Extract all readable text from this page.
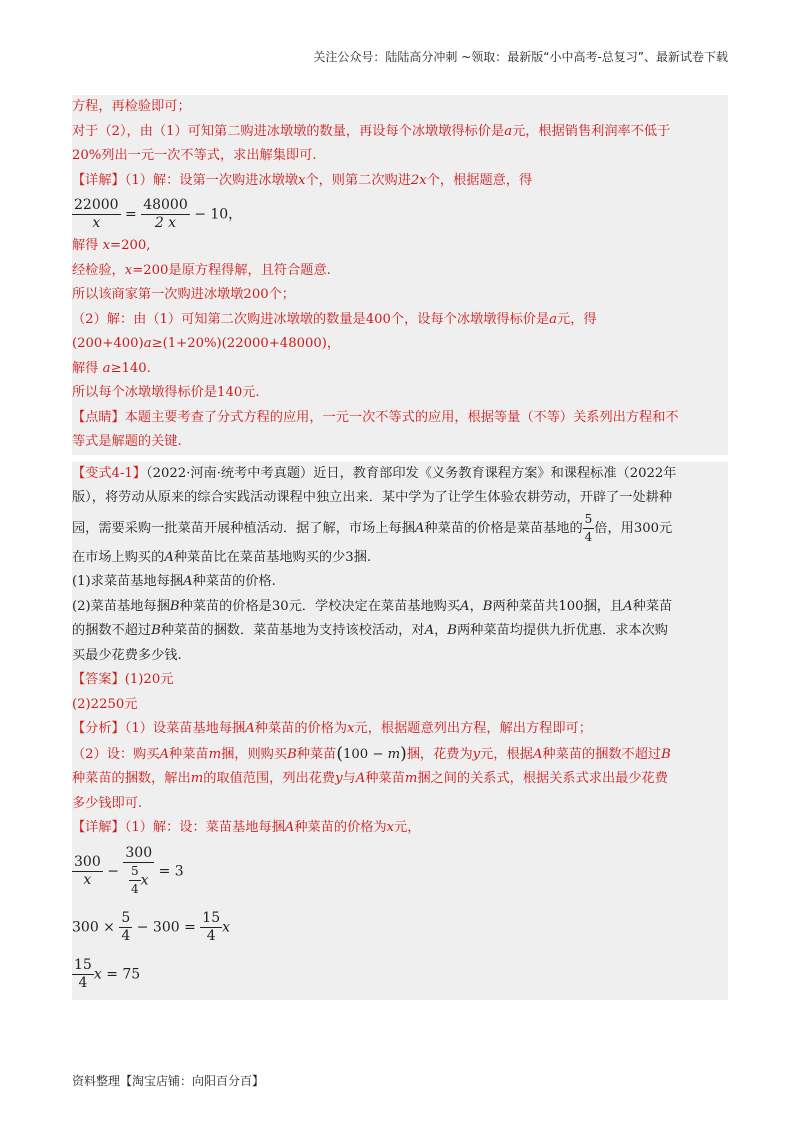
关注公众号：陆陆高分冲刺 ~领取：最新版“小中高考-总复习”、最新试卷下载
方程，再检验即可；
对于（2），由（1）可知第二购进冰墩墩的数量，再设每个冰墩墩得标价是a元，根据销售利润率不低于
20%列出一元一次不等式，求出解集即可.
【详解】（1）解：设第一次购进冰墩墩x个，则第二次购进2x个，根据题意，得
$\frac{22000}{x} = \frac{48000}{2 x} - 10$，
解得 x=200,
经检验，x=200是原方程得解，且符合题意.
所以该商家第一次购进冰墩墩200个；
（2）解：由（1）可知第二次购进冰墩墩的数量是400个，设每个冰墩墩得标价是a元，得
(200+400)a≥(1+20%)(22000+48000)，
解得 a≥140.
所以每个冰墩墩得标价是140元.
【点睛】本题主要考查了分式方程的应用，一元一次不等式的应用，根据等量（不等）关系列出方程和不
等式是解题的关键.
【变式4-1】（2022·河南·统考中考真题）近日，教育部印发《义务教育课程方案》和课程标准（2022年
版），将劳动从原来的综合实践活动课程中独立出来．某中学为了让学生体验农耕劳动，开辟了一处耕种
园，需要采购一批菜苗开展种植活动．据了解，市场上每捆A种菜苗的价格是菜苗基地的 $\frac{5}{4}$ 倍，用300元
在市场上购买的A种菜苗比在菜苗基地购买的少3捆.
(1)求菜苗基地每捆A种菜苗的价格.
(2)菜苗基地每捆B种菜苗的价格是30元．学校决定在菜苗基地购买A，B两种菜苗共100捆，且A种菜苗
的捆数不超过B种菜苗的捆数．菜苗基地为支持该校活动，对A，B两种菜苗均提供九折优惠．求本次购
买最少花费多少钱.
【答案】(1)20元
(2)2250元
【分析】（1）设菜苗基地每捆A种菜苗的价格为x元，根据题意列出方程，解出方程即可；
（2）设：购买A种菜苗m捆，则购买B种菜苗(100 − m)捆，花费为y元，根据A种菜苗的捆数不超过B
种菜苗的捆数，解出m的取值范围，列出花费y与A种菜苗m捆之间的关系式，根据关系式求出最少花费
多少钱即可.
【详解】（1）解：设：菜苗基地每捆A种菜苗的价格为x元，
$\frac{300}{x} - \frac{300}{\frac{5}{4} x} = 3$
$300 \times \frac{5}{4} - 300 = \frac{15}{4}$ x
$\frac{15}{4}$ x = 75
资料整理【淘宝店铺：向阳百分百】
